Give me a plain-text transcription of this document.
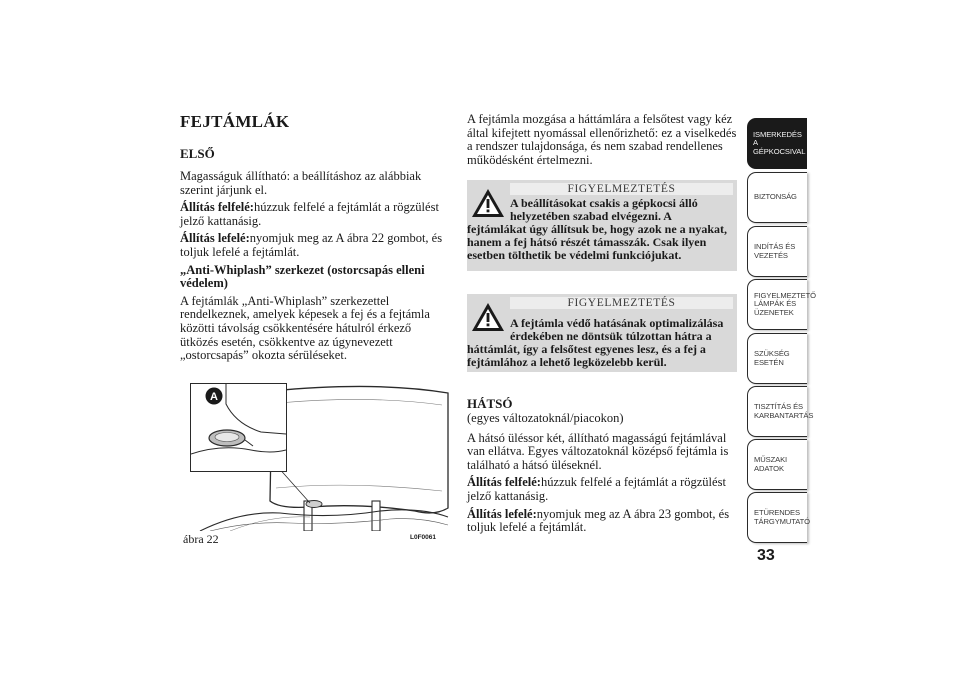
FEJTÁMLÁK
ELSŐ

Magasságuk állítható: a beállításhoz az alábbiak szerint járjunk el.

Állítás felfelé:húzzuk felfelé a fejtámlát a rögzülést jelző kattanásig.

Állítás lefelé:nyomjuk meg az A ábra 22 gombot, és toljuk lefelé a fejtámlát.

„Anti-Whiplash” szerkezet (ostorcsapás elleni védelem)

A fejtámlák „Anti-Whiplash” szerkezettel rendelkeznek, amelyek képesek a fej és a fejtámla közötti távolság csökkentésére hátulról érkező ütközés esetén, csökkentve az úgynevezett „ostorcsapás” okozta sérüléseket.

A
ábra 22	L0F0061

A fejtámla mozgása a háttámlára a felsőtest vagy kéz által kifejtett nyomással ellenőrizhető: ez a viselkedés a rendszer tulajdonsága, és nem szabad rendellenes működésként értelmezni.

FIGYELMEZTETÉS
A beállításokat csakis a gépkocsi álló
helyzetében szabad elvégezni. A
fejtámlákat úgy állítsuk be, hogy azok ne a nyakat, hanem a fej hátsó részét támasszák. Csak ilyen esetben tölthetik be védelmi funkciójukat.
FIGYELMEZTETÉS
A fejtámla védő hatásának optimalizálása
érdekében ne döntsük túlzottan hátra a
háttámlát, így a felsőtest egyenes lesz, és a fej a fejtámlához a lehető legközelebb kerül.
HÁTSÓ

(egyes változatoknál/piacokon)

A hátsó üléssor két, állítható magasságú fejtámlával van ellátva. Egyes változatoknál középső fejtámla is található a hátsó üléseknél.

Állítás felfelé:húzzuk felfelé a fejtámlát a rögzülést jelző kattanásig.

Állítás lefelé:nyomjuk meg az A ábra 23 gombot, és toljuk lefelé a fejtámlát.

ISMERKEDÉS A
GÉPKOCSIVAL
BIZTONSÁG
INDÍTÁS ÉS
VEZETÉS
FIGYELMEZTETŐ
LÁMPÁK ÉS
ÜZENETEK
SZÜKSÉG ESETÉN
TISZTÍTÁS ÉS
KARBANTARTÁS
MŰSZAKI ADATOK
ETÜRENDES
TÁRGYMUTATÓ
33
